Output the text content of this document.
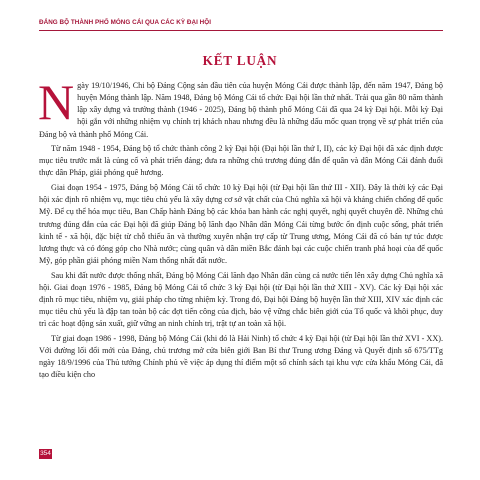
ĐẢNG BỘ THÀNH PHỐ MÓNG CÁI QUA CÁC KỲ ĐẠI HỘI
KẾT LUẬN

Ngày 19/10/1946, Chi bộ Đảng Cộng sản đầu tiên của huyện Móng Cái được thành lập, đến năm 1947, Đảng bộ huyện Móng thành lập. Năm 1948, Đảng bộ Móng Cái tổ chức Đại hội lần thứ nhất. Trải qua gần 80 năm thành lập xây dựng và trưởng thành (1946 - 2025), Đảng bộ thành phố Móng Cái đã qua 24 kỳ Đại hội. Mỗi kỳ Đại hội gắn với những nhiệm vụ chính trị khách nhau nhưng đều là những dấu mốc quan trọng về sự phát triển của Đảng bộ và thành phố Móng Cái.

Từ năm 1948 - 1954, Đảng bộ tổ chức thành công 2 kỳ Đại hội (Đại hội lần thứ I, II), các kỳ Đại hội đã xác định được mục tiêu trước mắt là củng cố và phát triển đảng; đưa ra những chủ trương đúng đắn để quân và dân Móng Cái đánh đuổi thực dân Pháp, giải phóng quê hương.

Giai đoạn 1954 - 1975, Đảng bộ Móng Cái tổ chức 10 kỳ Đại hội (từ Đại hội lần thứ III - XII). Đây là thời kỳ các Đại hội xác định rõ nhiệm vụ, mục tiêu chủ yếu là xây dựng cơ sở vật chất của Chủ nghĩa xã hội và kháng chiến chống đế quốc Mỹ. Để cụ thể hóa mục tiêu, Ban Chấp hành Đảng bộ các khóa ban hành các nghị quyết, nghị quyết chuyên đề. Những chủ trương đúng đắn của các Đại hội đã giúp Đảng bộ lãnh đạo Nhân dân Móng Cái từng bước ổn định cuộc sống, phát triển kinh tế - xã hội, đặc biệt từ chỗ thiếu ăn và thường xuyên nhận trợ cấp từ Trung ương, Móng Cái đã có bán tự túc được lương thực và có đóng góp cho Nhà nước; cùng quân và dân miền Bắc đánh bại các cuộc chiến tranh phá hoại của đế quốc Mỹ, góp phần giải phóng miền Nam thống nhất đất nước.

Sau khi đất nước được thống nhất, Đảng bộ Móng Cái lãnh đạo Nhân dân cùng cả nước tiến lên xây dựng Chủ nghĩa xã hội. Giai đoạn 1976 - 1985, Đảng bộ Móng Cái tổ chức 3 kỳ Đại hội (từ Đại hội lần thứ XIII - XV). Các kỳ Đại hội xác định rõ mục tiêu, nhiệm vụ, giải pháp cho từng nhiệm kỳ. Trong đó, Đại hội Đảng bộ huyện lần thứ XIII, XIV xác định các mục tiêu chủ yếu là đập tan toàn bộ các đợt tiến công của địch, bảo vệ vững chắc biên giới của Tổ quốc và khôi phục, duy trì các hoạt động sản xuất, giữ vững an ninh chính trị, trật tự an toàn xã hội.

Từ giai đoạn 1986 - 1998, Đảng bộ Móng Cái (khi đó là Hải Ninh) tổ chức 4 kỳ Đại hội (từ Đại hội lần thứ XVI - XX). Với đường lối đổi mới của Đảng, chủ trương mở cửa biên giới Ban Bí thư Trung ương Đảng và Quyết định số 675/TTg ngày 18/9/1996 của Thủ tướng Chính phủ về việc áp dụng thí điểm một số chính sách tại khu vực cửa khẩu Móng Cái, đã tạo điều kiện cho

354
